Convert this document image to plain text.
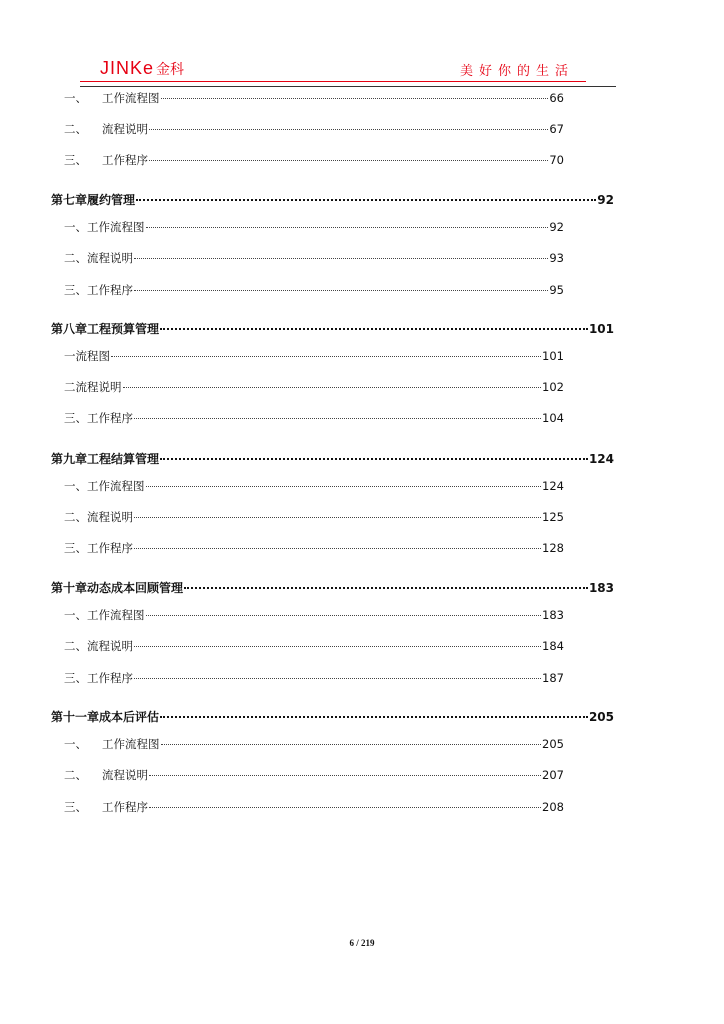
JINKe 金科	美好你的生活
一、	工作流程图	66
二、	流程说明	67
三、	工作程序	70
第七章履约管理	92
一、工作流程图	92
二、流程说明	93
三、工作程序	95
第八章工程预算管理	101
一流程图	101
二流程说明	102
三、工作程序	104
第九章工程结算管理	124
一、工作流程图	124
二、流程说明	125
三、工作程序	128
第十章动态成本回顾管理	183
一、工作流程图	183
二、流程说明	184
三、工作程序	187
第十一章成本后评估	205
一、	工作流程图	205
二、	流程说明	207
三、	工作程序	208
6 / 219
